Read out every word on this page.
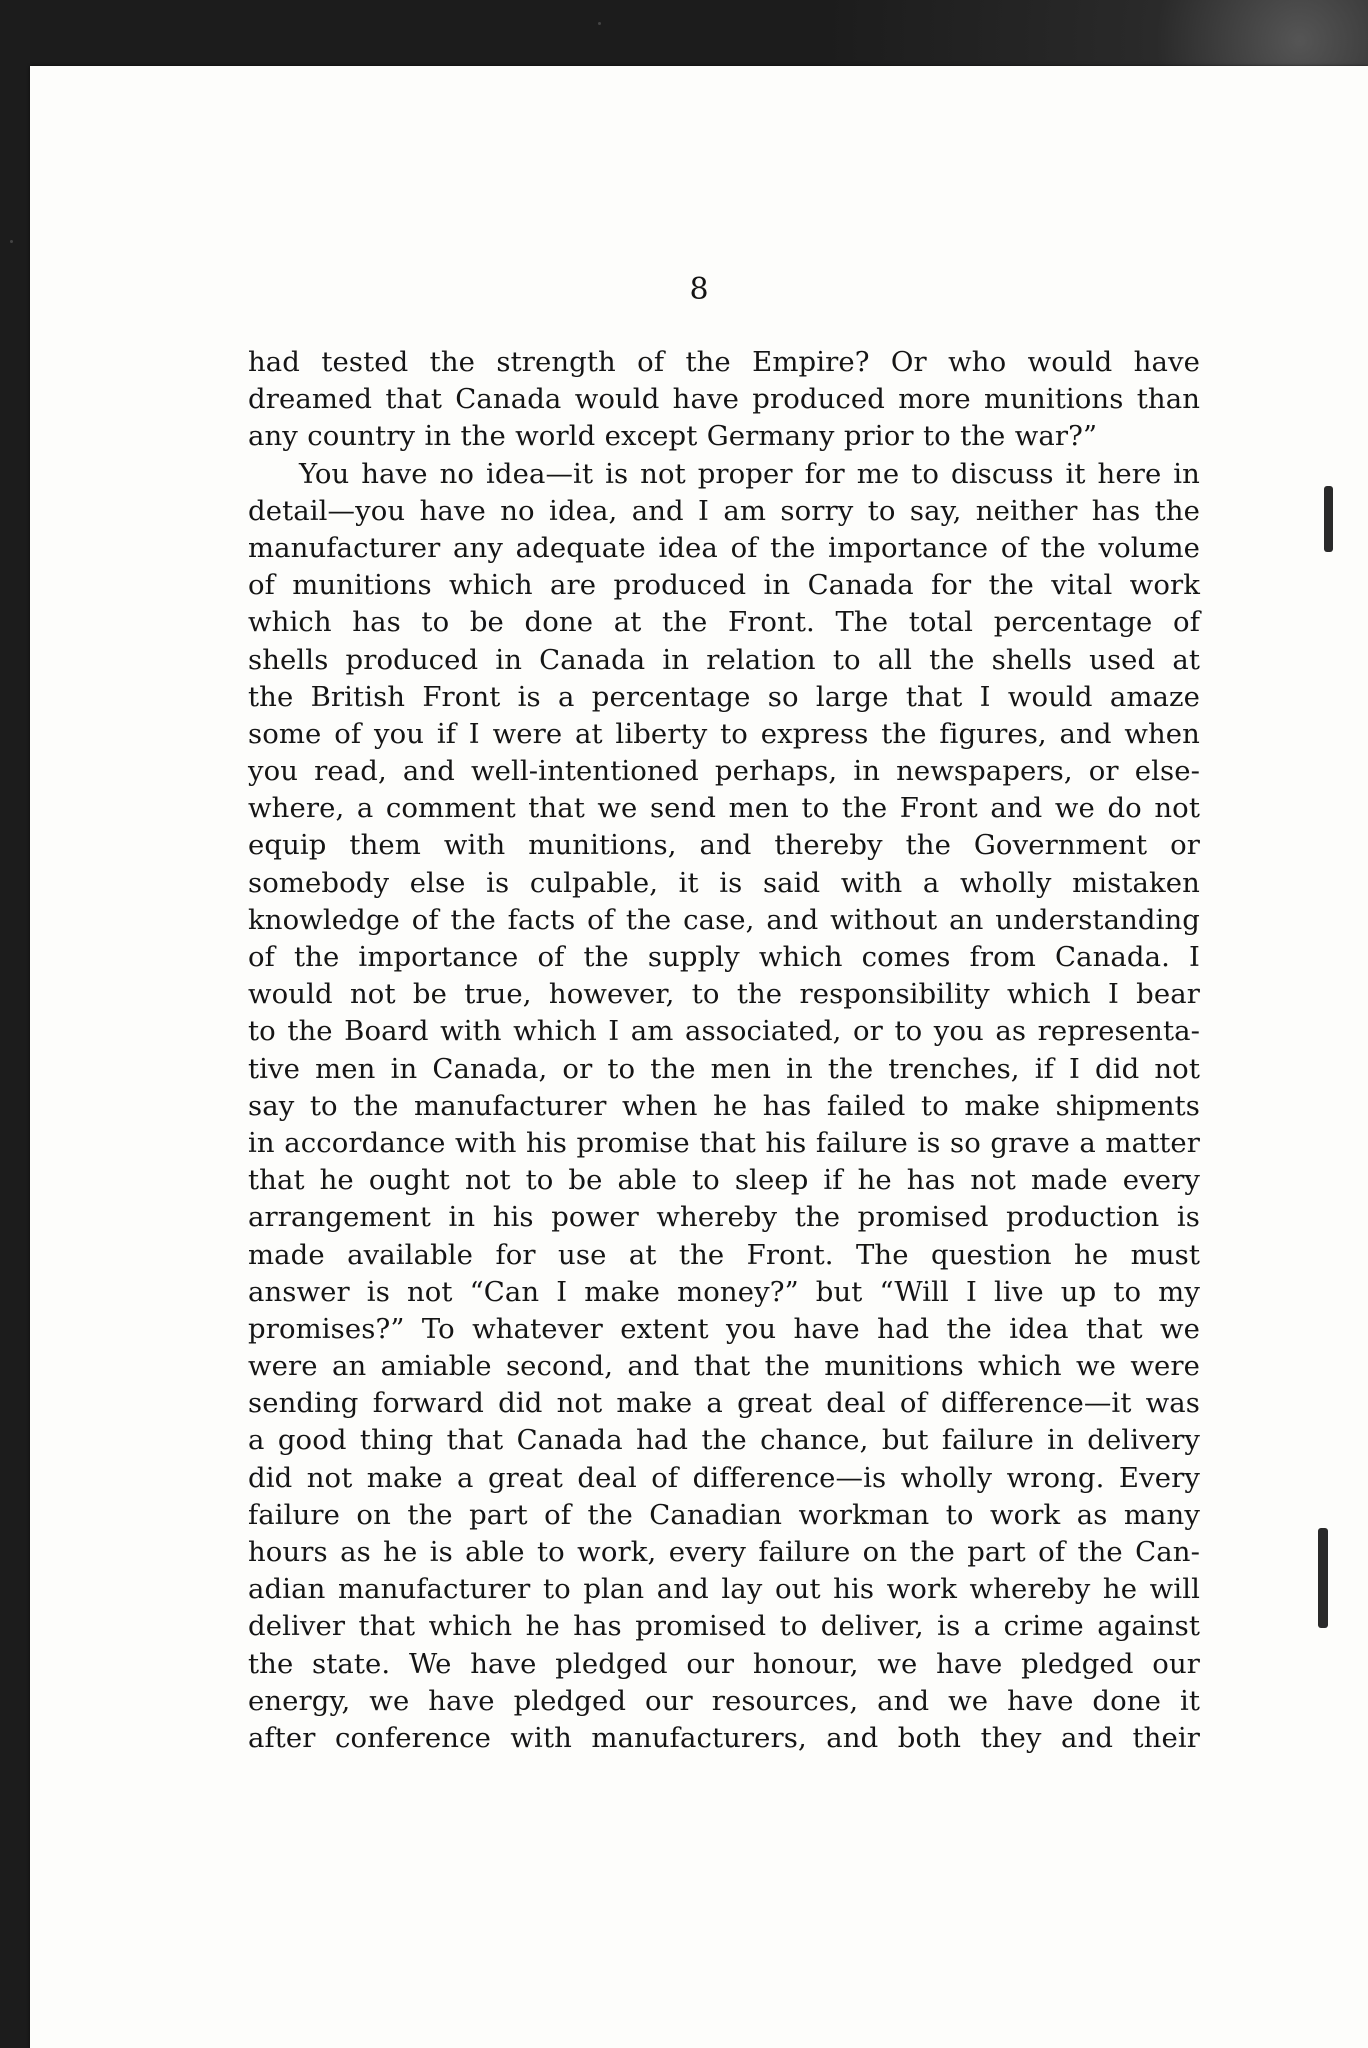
8
had tested the strength of the Empire? Or who would have
dreamed that Canada would have produced more munitions than
any country in the world except Germany prior to the war?”
You have no idea—it is not proper for me to discuss it here in
detail—you have no idea, and I am sorry to say, neither has the
manufacturer any adequate idea of the importance of the volume
of munitions which are produced in Canada for the vital work
which has to be done at the Front. The total percentage of
shells produced in Canada in relation to all the shells used at
the British Front is a percentage so large that I would amaze
some of you if I were at liberty to express the figures, and when
you read, and well-intentioned perhaps, in newspapers, or else-
where, a comment that we send men to the Front and we do not
equip them with munitions, and thereby the Government or
somebody else is culpable, it is said with a wholly mistaken
knowledge of the facts of the case, and without an understanding
of the importance of the supply which comes from Canada. I
would not be true, however, to the responsibility which I bear
to the Board with which I am associated, or to you as representa-
tive men in Canada, or to the men in the trenches, if I did not
say to the manufacturer when he has failed to make shipments
in accordance with his promise that his failure is so grave a matter
that he ought not to be able to sleep if he has not made every
arrangement in his power whereby the promised production is
made available for use at the Front. The question he must
answer is not “Can I make money?” but “Will I live up to my
promises?” To whatever extent you have had the idea that we
were an amiable second, and that the munitions which we were
sending forward did not make a great deal of difference—it was
a good thing that Canada had the chance, but failure in delivery
did not make a great deal of difference—is wholly wrong. Every
failure on the part of the Canadian workman to work as many
hours as he is able to work, every failure on the part of the Can-
adian manufacturer to plan and lay out his work whereby he will
deliver that which he has promised to deliver, is a crime against
the state. We have pledged our honour, we have pledged our
energy, we have pledged our resources, and we have done it
after conference with manufacturers, and both they and their
